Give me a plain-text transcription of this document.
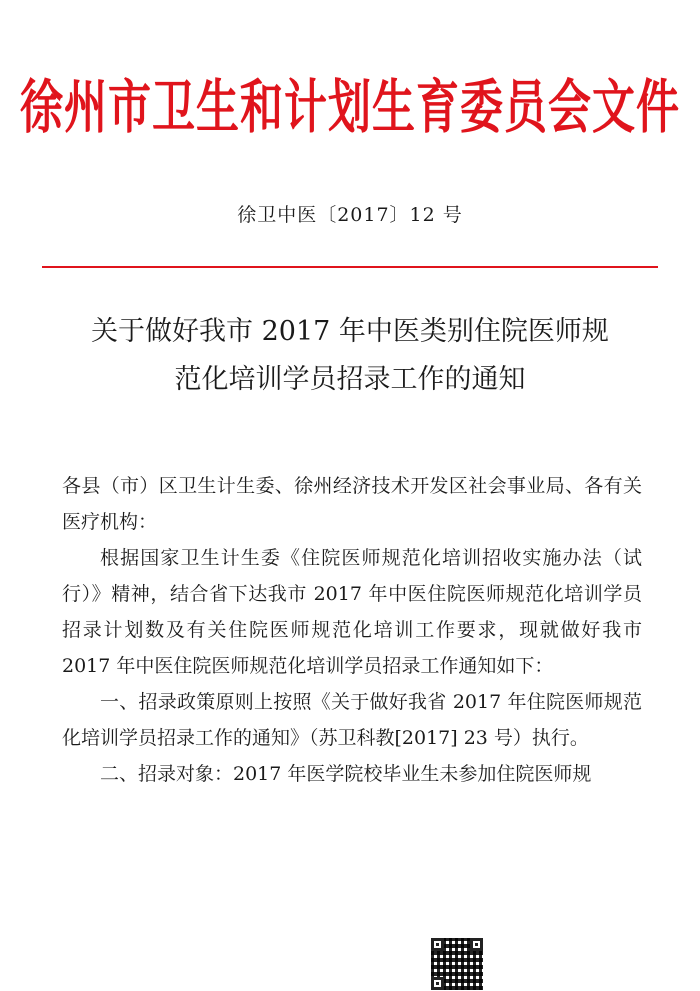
徐州市卫生和计划生育委员会文件
徐卫中医〔2017〕12 号
关于做好我市 2017 年中医类别住院医师规
范化培训学员招录工作的通知

各县（市）区卫生计生委、徐州经济技术开发区社会事业局、各有关医疗机构：

根据国家卫生计生委《住院医师规范化培训招收实施办法（试行）》精神，结合省下达我市 2017 年中医住院医师规范化培训学员招录计划数及有关住院医师规范化培训工作要求，现就做好我市 2017 年中医住院医师规范化培训学员招录工作通知如下：

一、招录政策原则上按照《关于做好我省 2017 年住院医师规范化培训学员招录工作的通知》（苏卫科教[2017] 23 号）执行。

二、招录对象：2017 年医学院校毕业生未参加住院医师规
